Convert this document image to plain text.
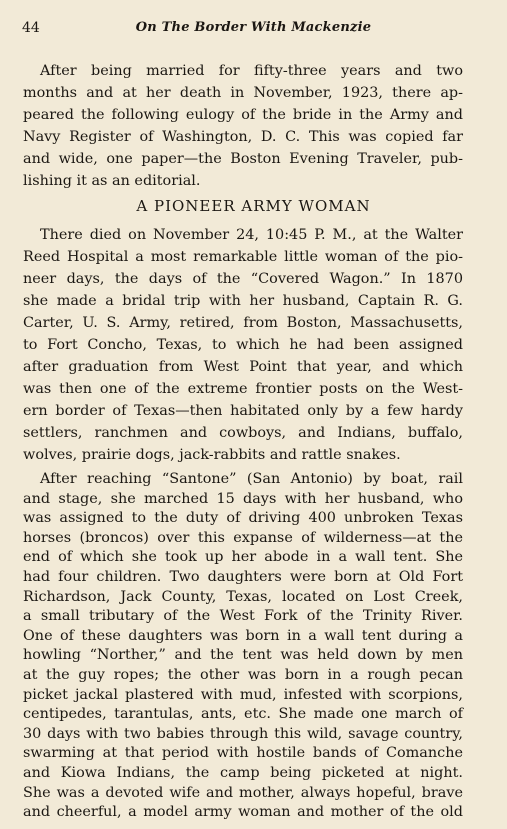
44	On The Border With Mackenzie
After being married for fifty-three years and two
months and at her death in November, 1923, there ap-
peared the following eulogy of the bride in the Army and
Navy Register of Washington, D. C. This was copied far
and wide, one paper—the Boston Evening Traveler, pub-
lishing it as an editorial.
A PIONEER ARMY WOMAN
There died on November 24, 10:45 P. M., at the Walter
Reed Hospital a most remarkable little woman of the pio-
neer days, the days of the “Covered Wagon.” In 1870
she made a bridal trip with her husband, Captain R. G.
Carter, U. S. Army, retired, from Boston, Massachusetts,
to Fort Concho, Texas, to which he had been assigned
after graduation from West Point that year, and which
was then one of the extreme frontier posts on the West-
ern border of Texas—then habitated only by a few hardy
settlers, ranchmen and cowboys, and Indians, buffalo,
wolves, prairie dogs, jack-rabbits and rattle snakes.
After reaching “Santone” (San Antonio) by boat, rail
and stage, she marched 15 days with her husband, who
was assigned to the duty of driving 400 unbroken Texas
horses (broncos) over this expanse of wilderness—at the
end of which she took up her abode in a wall tent. She
had four children. Two daughters were born at Old Fort
Richardson, Jack County, Texas, located on Lost Creek,
a small tributary of the West Fork of the Trinity River.
One of these daughters was born in a wall tent during a
howling “Norther,” and the tent was held down by men
at the guy ropes; the other was born in a rough pecan
picket jackal plastered with mud, infested with scorpions,
centipedes, tarantulas, ants, etc. She made one march of
30 days with two babies through this wild, savage country,
swarming at that period with hostile bands of Comanche
and Kiowa Indians, the camp being picketed at night.
She was a devoted wife and mother, always hopeful, brave
and cheerful, a model army woman and mother of the old
